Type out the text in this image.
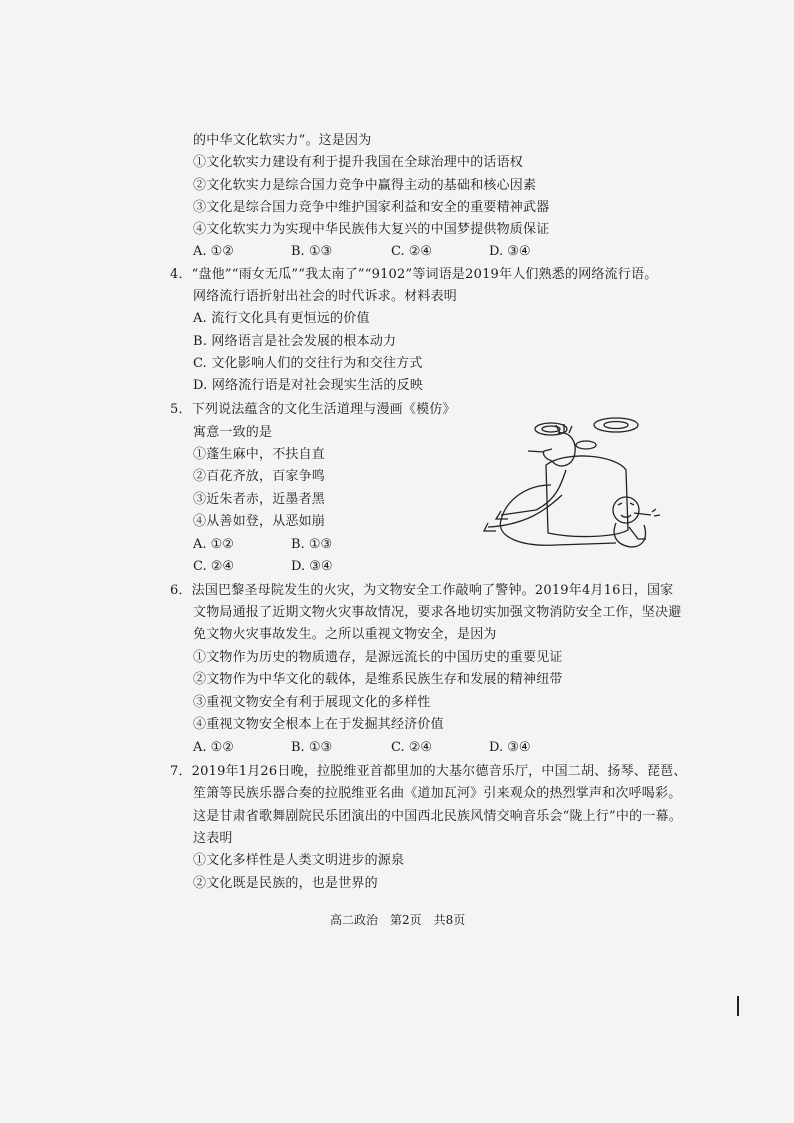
的中华文化软实力”。这是因为
①文化软实力建设有利于提升我国在全球治理中的话语权
②文化软实力是综合国力竞争中赢得主动的基础和核心因素
③文化是综合国力竞争中维护国家利益和安全的重要精神武器
④文化软实力为实现中华民族伟大复兴的中国梦提供物质保证
A. ①②	B. ①③	C. ②④	D. ③④
4．“盘他”“雨女无瓜”“我太南了”“9102”等词语是2019年人们熟悉的网络流行语。
网络流行语折射出社会的时代诉求。材料表明
A. 流行文化具有更恒远的价值
B. 网络语言是社会发展的根本动力
C. 文化影响人们的交往行为和交往方式
D. 网络流行语是对社会现实生活的反映
5．下列说法蕴含的文化生活道理与漫画《模仿》
寓意一致的是
①蓬生麻中，不扶自直
②百花齐放，百家争鸣
③近朱者赤，近墨者黑
④从善如登，从恶如崩
A. ①②	B. ①③
C. ②④	D. ③④
6．法国巴黎圣母院发生的火灾，为文物安全工作敲响了警钟。2019年4月16日，国家
文物局通报了近期文物火灾事故情况，要求各地切实加强文物消防安全工作，坚决避
免文物火灾事故发生。之所以重视文物安全，是因为
①文物作为历史的物质遗存，是源远流长的中国历史的重要见证
②文物作为中华文化的载体，是维系民族生存和发展的精神纽带
③重视文物安全有利于展现文化的多样性
④重视文物安全根本上在于发掘其经济价值
A. ①②	B. ①③	C. ②④	D. ③④
7．2019年1月26日晚，拉脱维亚首都里加的大基尔德音乐厅，中国二胡、扬琴、琵琶、
笙箫等民族乐器合奏的拉脱维亚名曲《道加瓦河》引来观众的热烈掌声和次呼喝彩。
这是甘肃省歌舞剧院民乐团演出的中国西北民族风情交响音乐会“陇上行”中的一幕。
这表明
①文化多样性是人类文明进步的源泉
②文化既是民族的，也是世界的
高二政治　第2页　共8页
